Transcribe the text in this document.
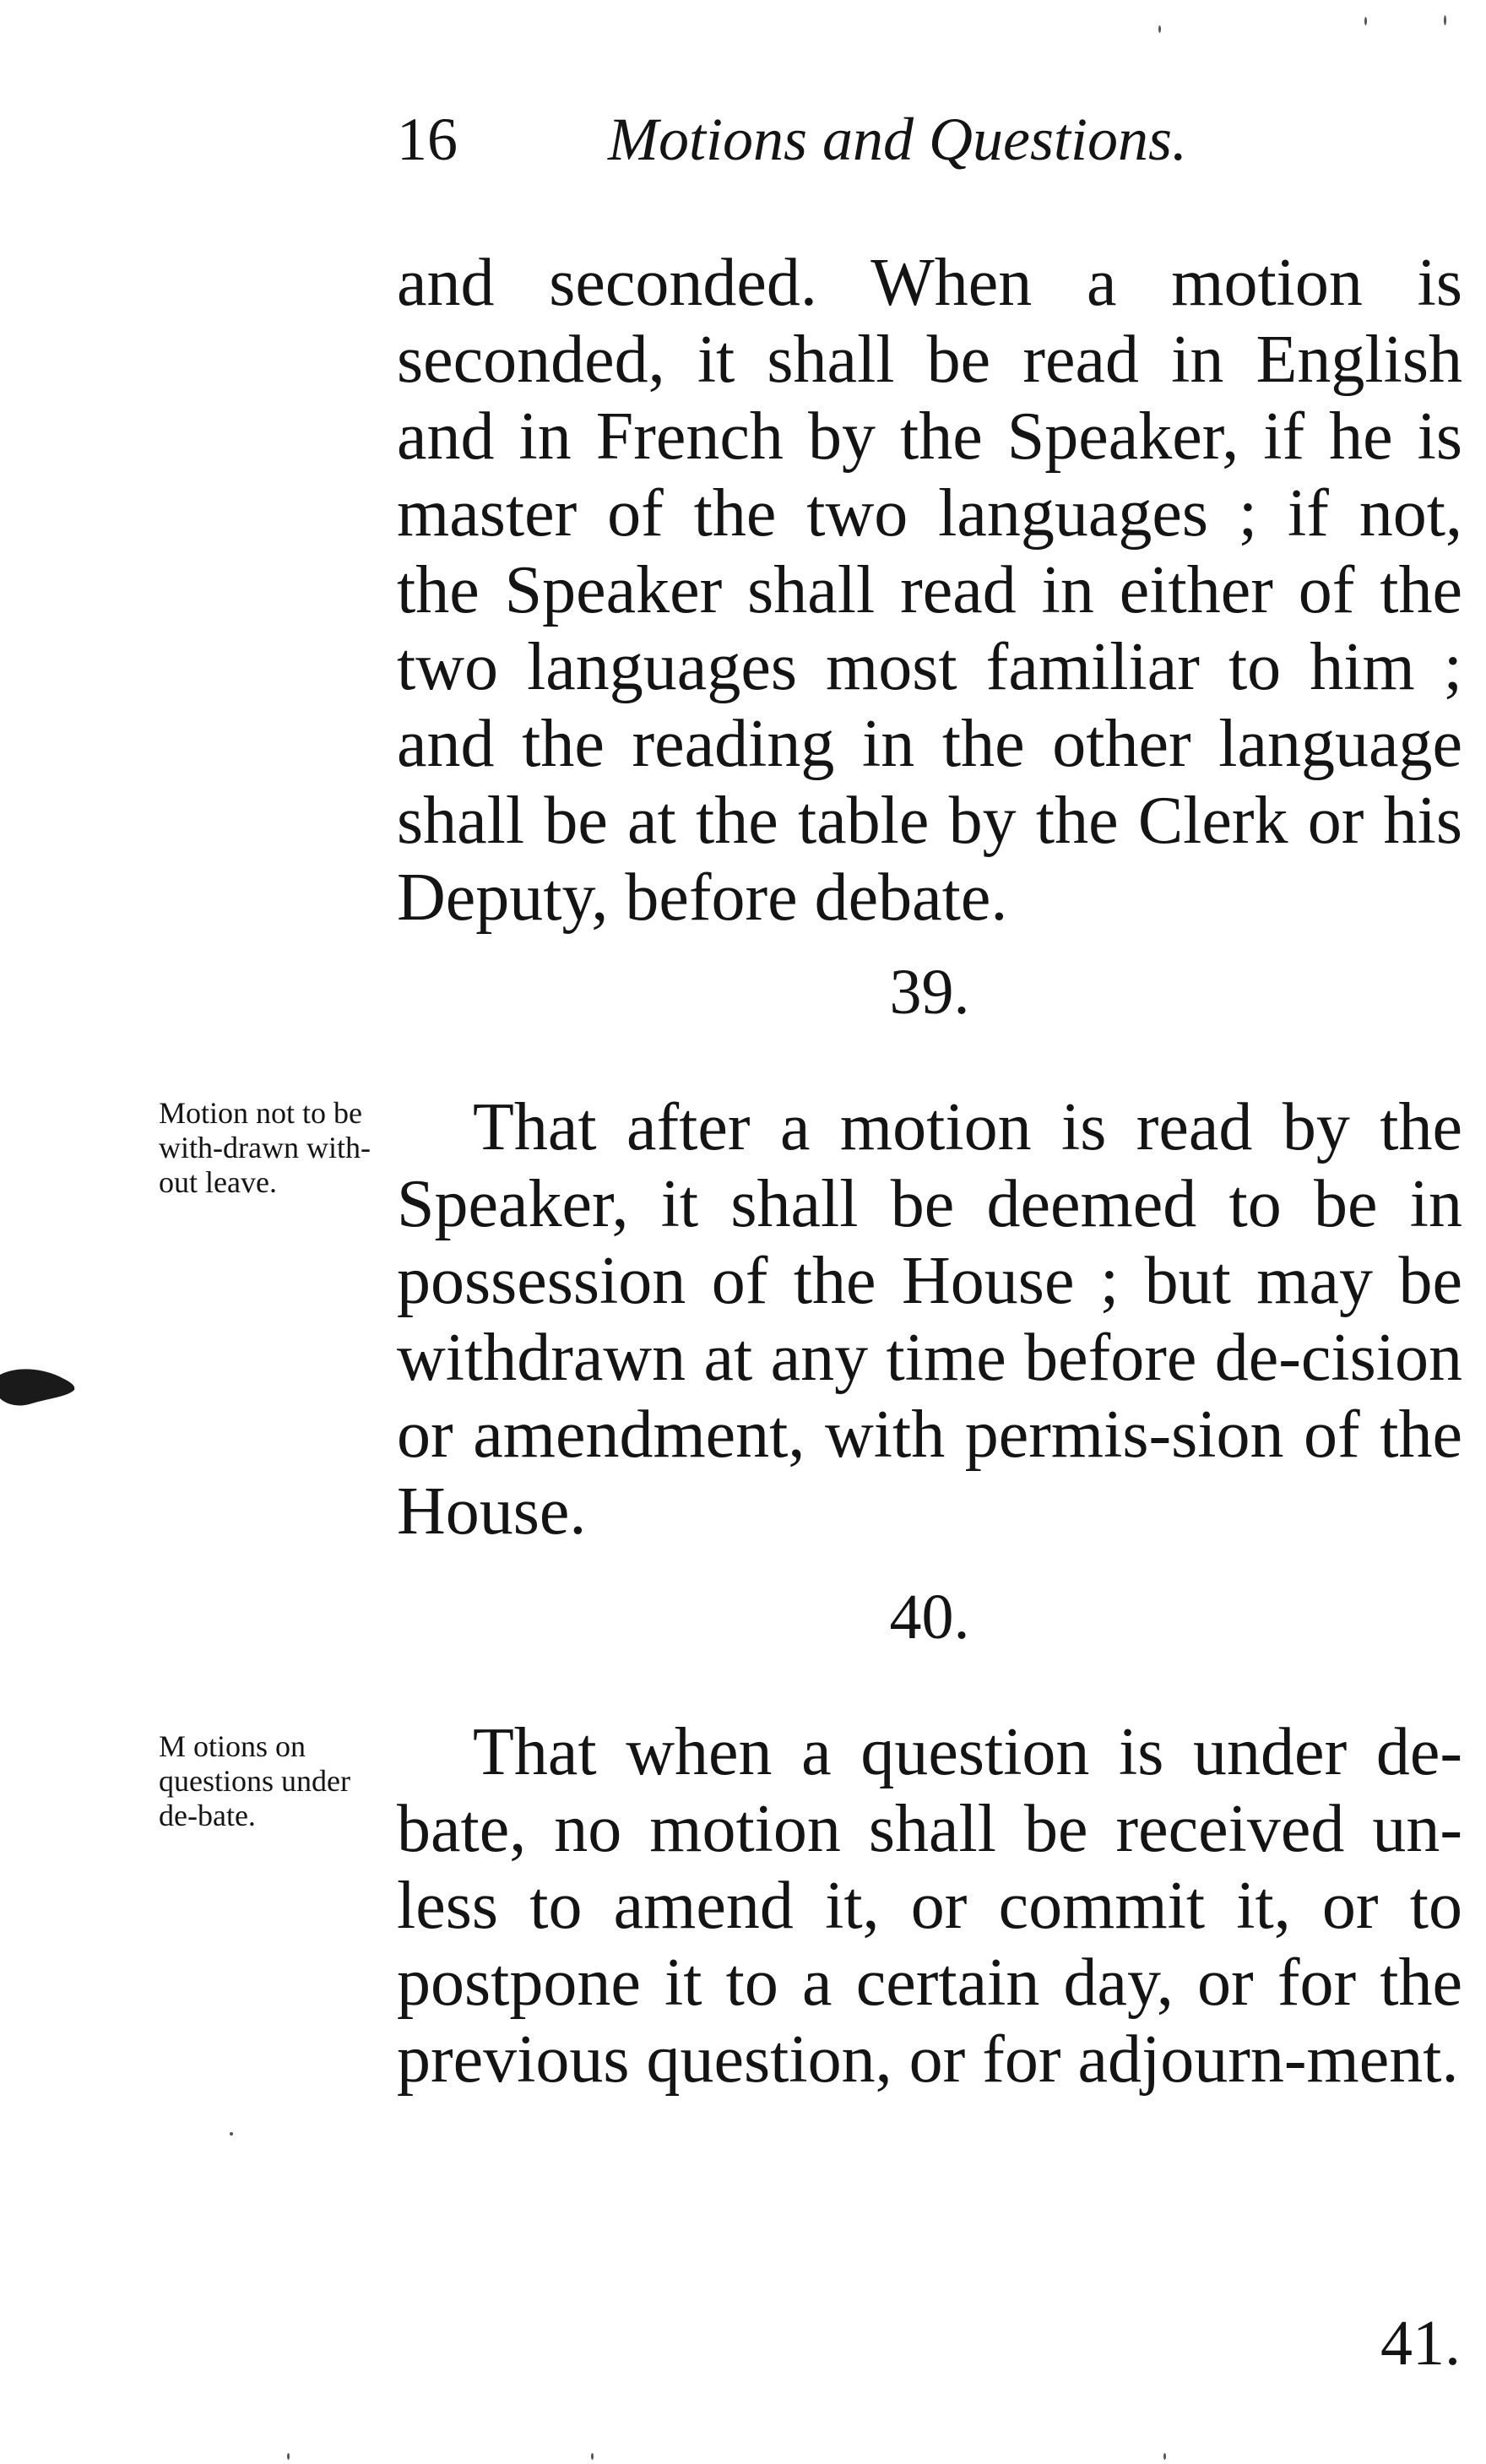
16 Motions and Questions.

and seconded. When a motion is seconded, it shall be read in English and in French by the Speaker, if he is master of the two languages ; if not, the Speaker shall read in either of the two languages most familiar to him ; and the reading in the other language shall be at the table by the Clerk or his Deputy, before debate.

39.
Motion not to be with-drawn with-out leave.

That after a motion is read by the Speaker, it shall be deemed to be in possession of the House ; but may be withdrawn at any time before de-cision or amendment, with permis-sion of the House.

40.
M otions on questions under de-bate.

That when a question is under de-bate, no motion shall be received un-less to amend it, or commit it, or to postpone it to a certain day, or for the previous question, or for adjourn-ment.

41.
